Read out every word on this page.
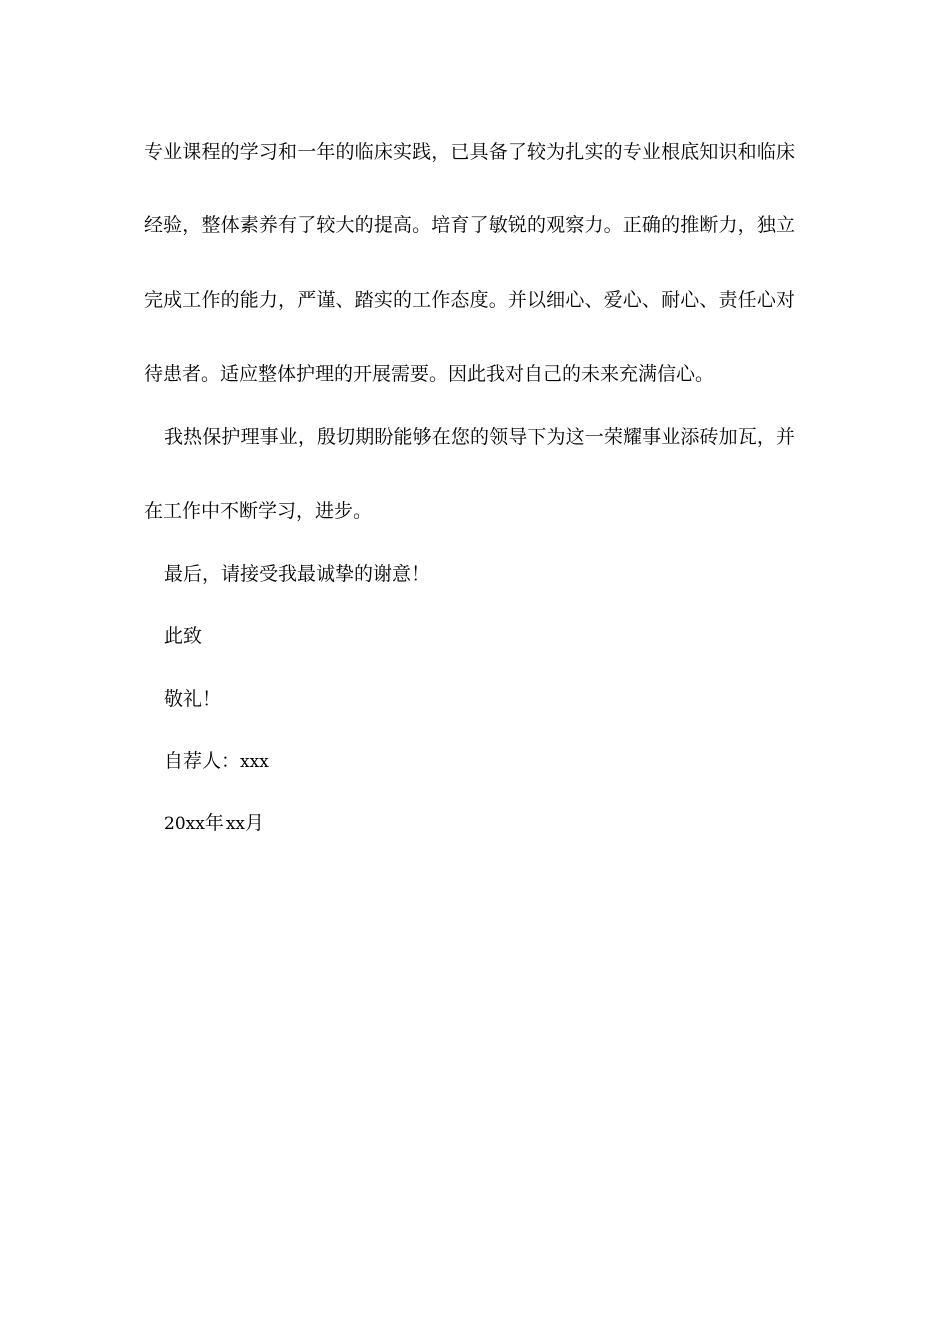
专业课程的学习和一年的临床实践，已具备了较为扎实的专业根底知识和临床
经验，整体素养有了较大的提高。培育了敏锐的观察力。正确的推断力，独立
完成工作的能力，严谨、踏实的工作态度。并以细心、爱心、耐心、责任心对
待患者。适应整体护理的开展需要。因此我对自己的未来充满信心。
我热保护理事业，殷切期盼能够在您的领导下为这一荣耀事业添砖加瓦，并
在工作中不断学习，进步。
最后，请接受我最诚挚的谢意！
此致
敬礼！
自荐人：xxx
20xx年 xx月
